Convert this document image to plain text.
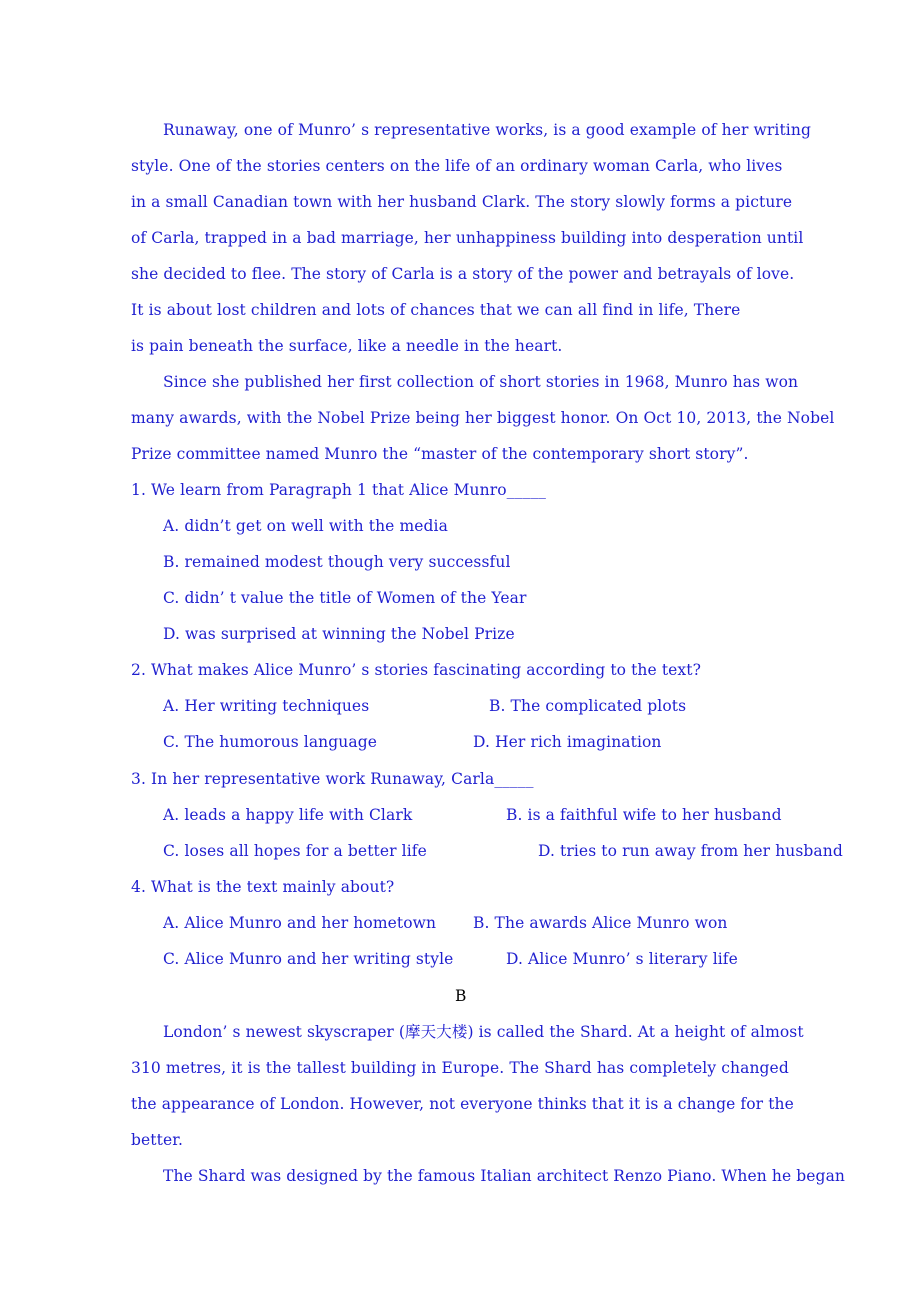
Runaway, one of Munro’ s representative works, is a good example of her writing
style. One of the stories centers on the life of an ordinary woman Carla, who lives
in a small Canadian town with her husband Clark. The story slowly forms a picture
of Carla, trapped in a bad marriage, her unhappiness building into desperation until
she decided to flee. The story of Carla is a story of the power and betrayals of love.
It is about lost children and lots of chances that we can all find in life, There
is pain beneath the surface, like a needle in the heart.
Since she published her first collection of short stories in 1968, Munro has won
many awards, with the Nobel Prize being her biggest honor. On Oct 10, 2013, the Nobel
Prize committee named Munro the “master of the contemporary short story”.
1. We learn from Paragraph 1 that Alice Munro_____
A. didn’t get on well with the media
B. remained modest though very successful
C. didn’ t value the title of Women of the Year
D. was surprised at winning the Nobel Prize
2. What makes Alice Munro’ s stories fascinating according to the text?
A. Her writing techniques	B. The complicated plots
C. The humorous language	D. Her rich imagination
3. In her representative work Runaway, Carla_____
A. leads a happy life with Clark	B. is a faithful wife to her husband
C. loses all hopes for a better life	D. tries to run away from her husband
4. What is the text mainly about?
A. Alice Munro and her hometown B. The awards Alice Munro won
C. Alice Munro and her writing style	D. Alice Munro’ s literary life
B
London’ s newest skyscraper (摩天大楼) is called the Shard. At a height of almost
310 metres, it is the tallest building in Europe. The Shard has completely changed
the appearance of London. However, not everyone thinks that it is a change for the
better.
The Shard was designed by the famous Italian architect Renzo Piano. When he began
